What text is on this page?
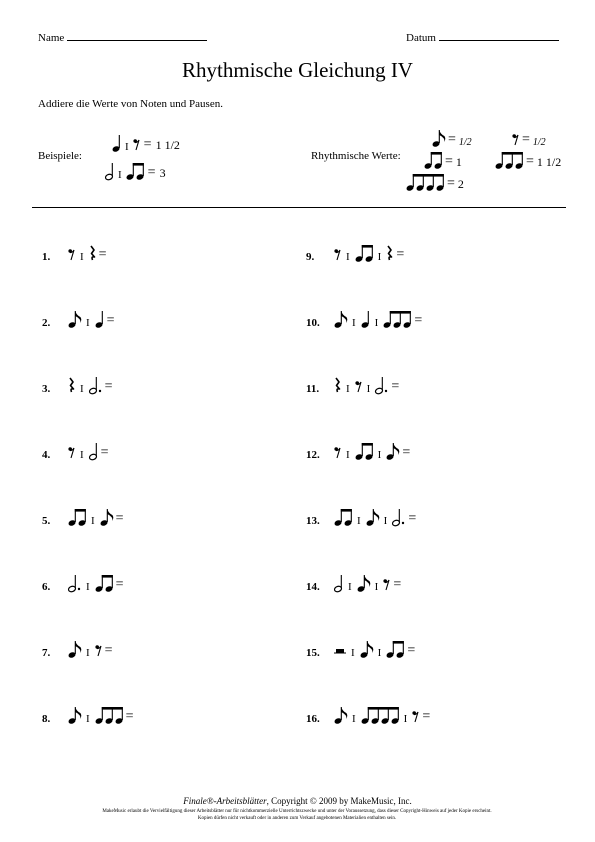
Name	Datum
Rhythmische Gleichung IV
Addiere die Werte von Noten und Pausen.
Beispiele:
I = 1 1/2
I = 3
Rhythmische Werte:
= 1/2	= 1/2
= 1	= 1 1/2
= 2
1.	I =
2.	I =
3.	I =
4.	I =
5.	I =
6.	I =
7.	I =
8.	I	=
9.	I	I =
10.	I I	=
11.	I I =
12.	I	I =
13.	I I =
14.	I I =
15.	I I =
16.	I	I =
Finale®-Arbeitsblätter, Copyright © 2009 by MakeMusic, Inc.
MakeMusic erlaubt die Vervielfältigung dieser Arbeitsblätter nur für nichtkommerzielle Unterrichtszwecke und unter der Voraussetzung, dass dieser Copyright-Hinweis auf jeder Kopie erscheint.
Kopien dürfen nicht verkauft oder in anderen zum Verkauf angebotenen Materialien enthalten sein.
